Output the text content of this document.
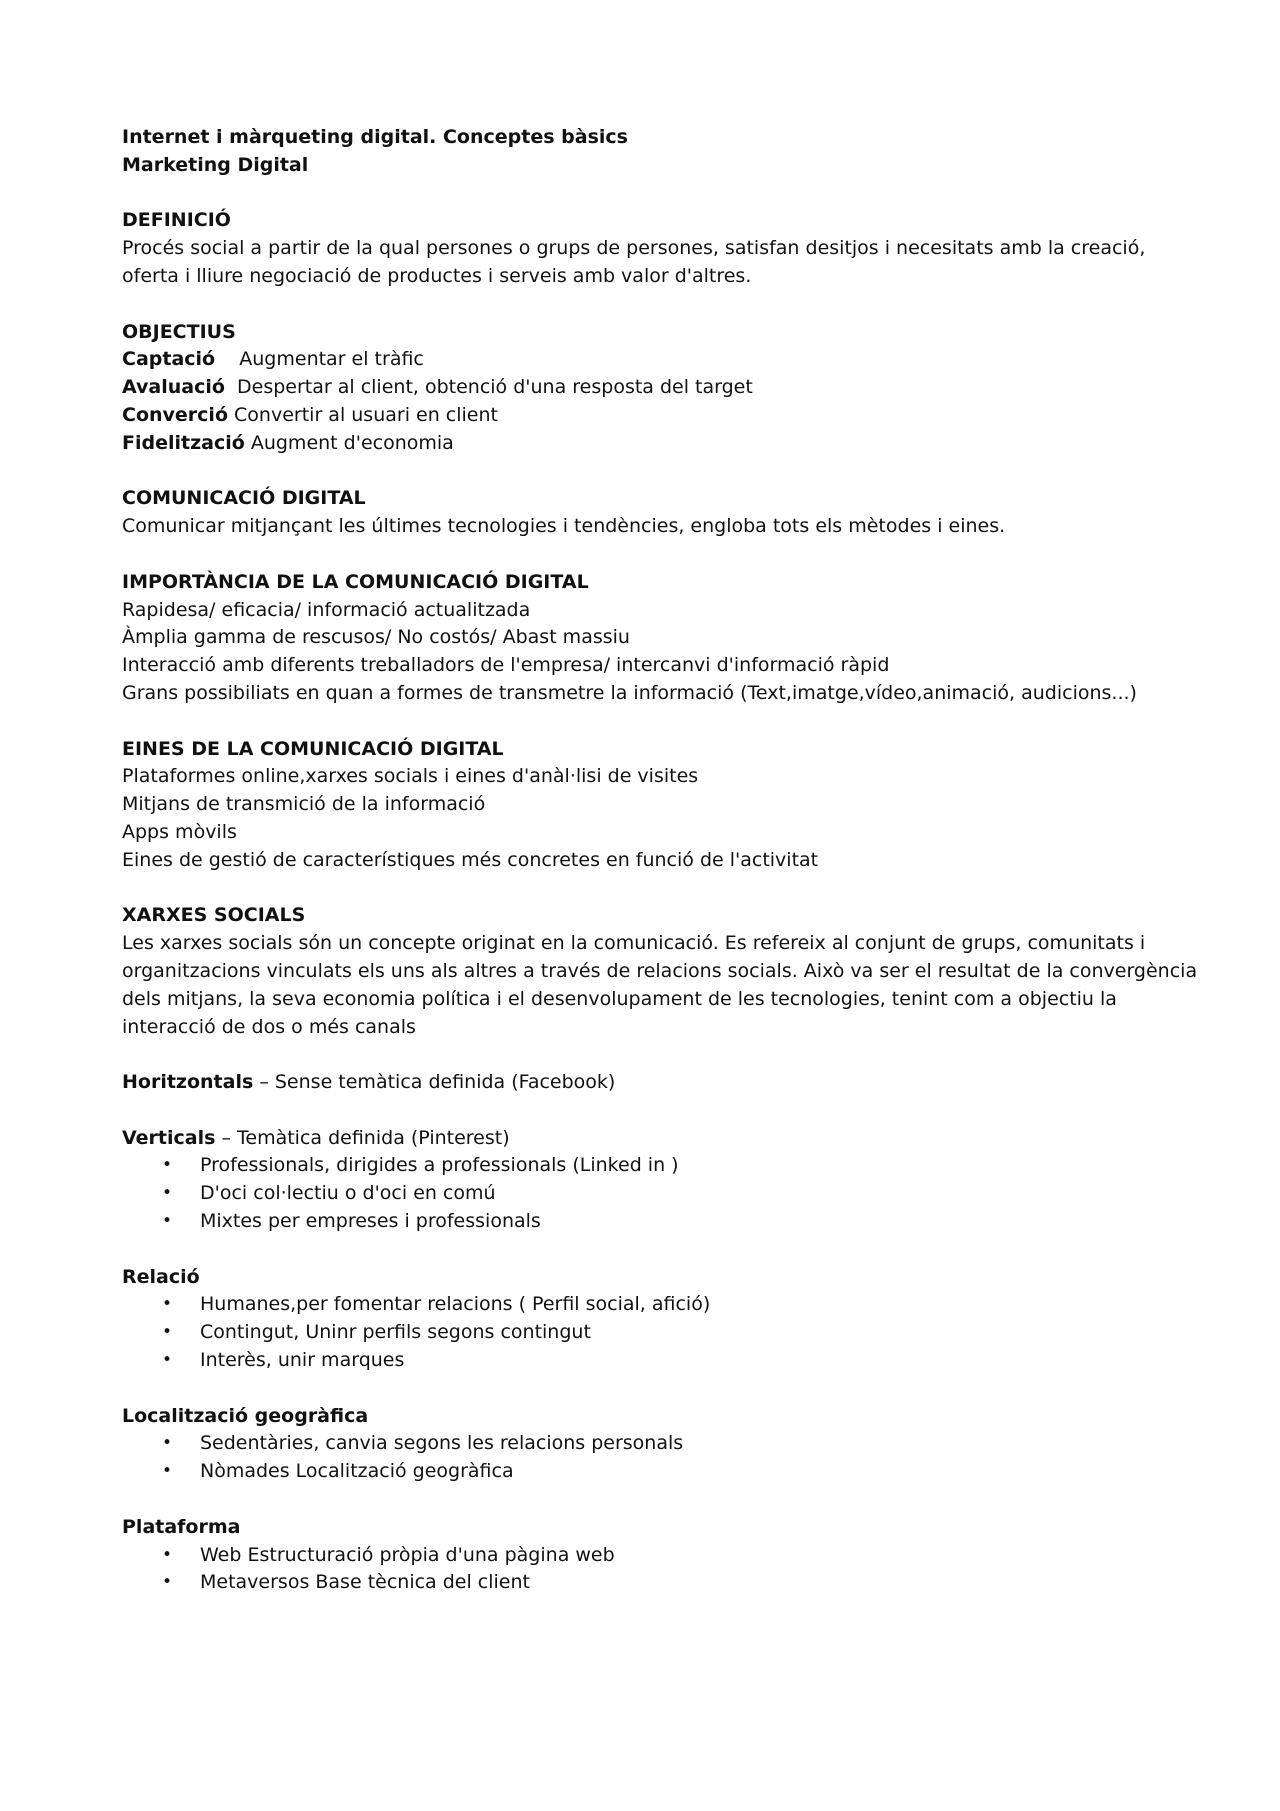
Internet i màrqueting digital. Conceptes bàsics
Marketing Digital
DEFINICIÓ
Procés social a partir de la qual persones o grups de persones, satisfan desitjos i necesitats amb la creació,
oferta i lliure negociació de productes i serveis amb valor d'altres.
OBJECTIUS
Captació    Augmentar el tràfic
Avaluació  Despertar al client, obtenció d'una resposta del target
Converció Convertir al usuari en client
Fidelització Augment d'economia
COMUNICACIÓ DIGITAL
Comunicar mitjançant les últimes tecnologies i tendències, engloba tots els mètodes i eines.
IMPORTÀNCIA DE LA COMUNICACIÓ DIGITAL
Rapidesa/ eficacia/ informació actualitzada
Àmplia gamma de rescusos/ No costós/ Abast massiu
Interacció amb diferents treballadors de l'empresa/ intercanvi d'informació ràpid
Grans possibiliats en quan a formes de transmetre la informació (Text,imatge,vídeo,animació, audicions...)
EINES DE LA COMUNICACIÓ DIGITAL
Plataformes online,xarxes socials i eines d'anàl·lisi de visites
Mitjans de transmició de la informació
Apps mòvils
Eines de gestió de característiques més concretes en funció de l'activitat
XARXES SOCIALS
Les xarxes socials són un concepte originat en la comunicació. Es refereix al conjunt de grups, comunitats i
organitzacions vinculats els uns als altres a través de relacions socials. Això va ser el resultat de la convergència
dels mitjans, la seva economia política i el desenvolupament de les tecnologies, tenint com a objectiu la
interacció de dos o més canals
Horitzontals – Sense temàtica definida (Facebook)
Verticals – Temàtica definida (Pinterest)
• Professionals, dirigides a professionals (Linked in )
• D'oci col·lectiu o d'oci en comú
• Mixtes per empreses i professionals
Relació
• Humanes,per fomentar relacions ( Perfil social, afició)
• Contingut, Uninr perfils segons contingut
• Interès, unir marques
Localització geogràfica
• Sedentàries, canvia segons les relacions personals
• Nòmades Localització geogràfica
Plataforma
• Web Estructuració pròpia d'una pàgina web
• Metaversos Base tècnica del client
